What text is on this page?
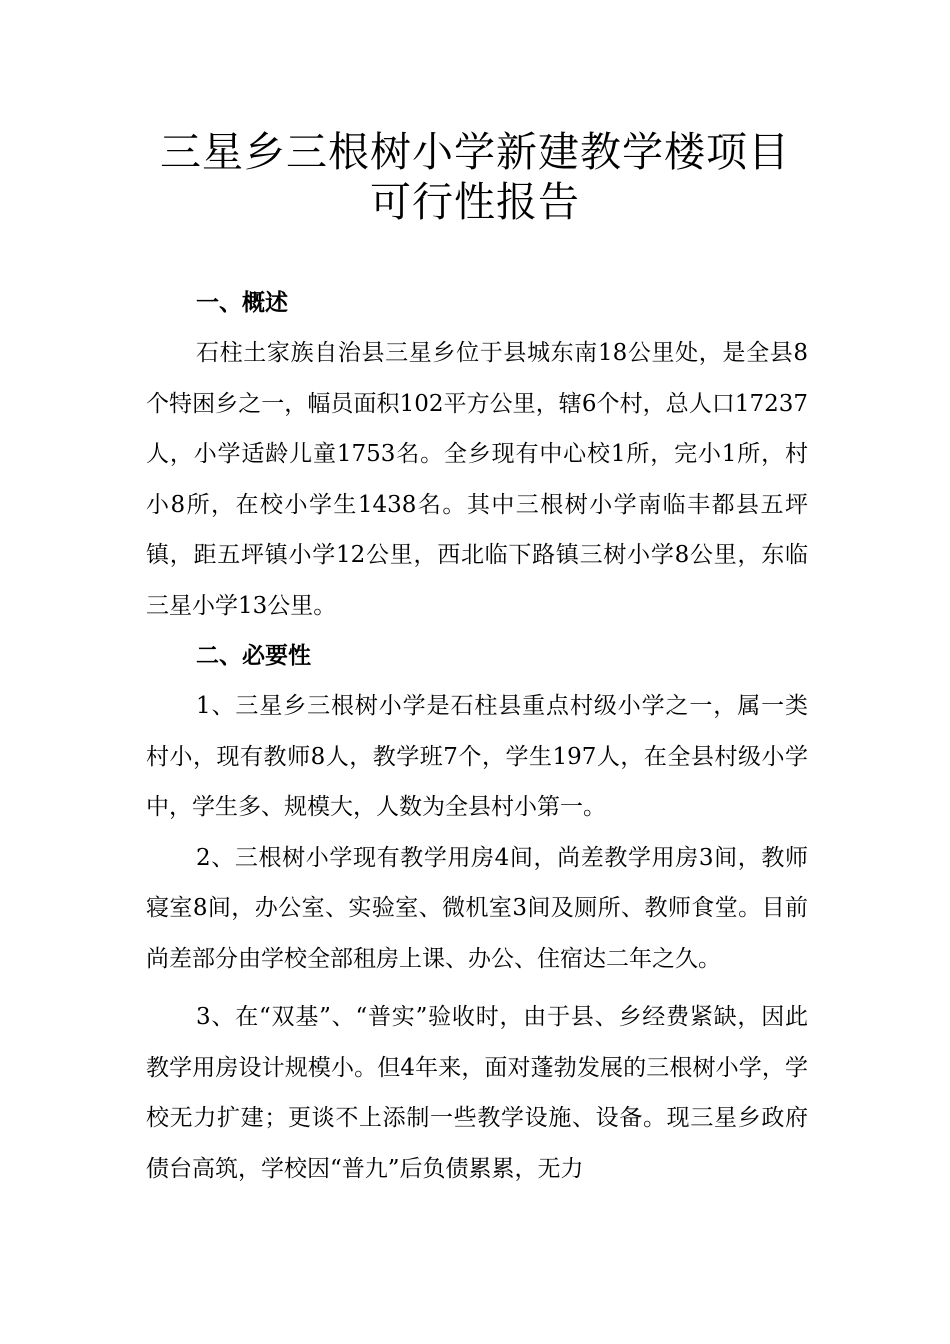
三星乡三根树小学新建教学楼项目
可行性报告

一、概述

石柱土家族自治县三星乡位于县城东南18公里处，是全县8个特困乡之一，幅员面积102平方公里，辖6个村，总人口17237人，小学适龄儿童1753名。全乡现有中心校1所，完小1所，村小8所，在校小学生1438名。其中三根树小学南临丰都县五坪镇，距五坪镇小学12公里，西北临下路镇三树小学8公里，东临三星小学13公里。

二、必要性

1、三星乡三根树小学是石柱县重点村级小学之一，属一类村小，现有教师8人，教学班7个，学生197人，在全县村级小学中，学生多、规模大，人数为全县村小第一。

2、三根树小学现有教学用房4间，尚差教学用房3间，教师寝室8间，办公室、实验室、微机室3间及厕所、教师食堂。目前尚差部分由学校全部租房上课、办公、住宿达二年之久。

3、在“双基”、“普实”验收时，由于县、乡经费紧缺，因此教学用房设计规模小。但4年来，面对蓬勃发展的三根树小学，学校无力扩建；更谈不上添制一些教学设施、设备。现三星乡政府债台高筑，学校因“普九”后负债累累，无力
